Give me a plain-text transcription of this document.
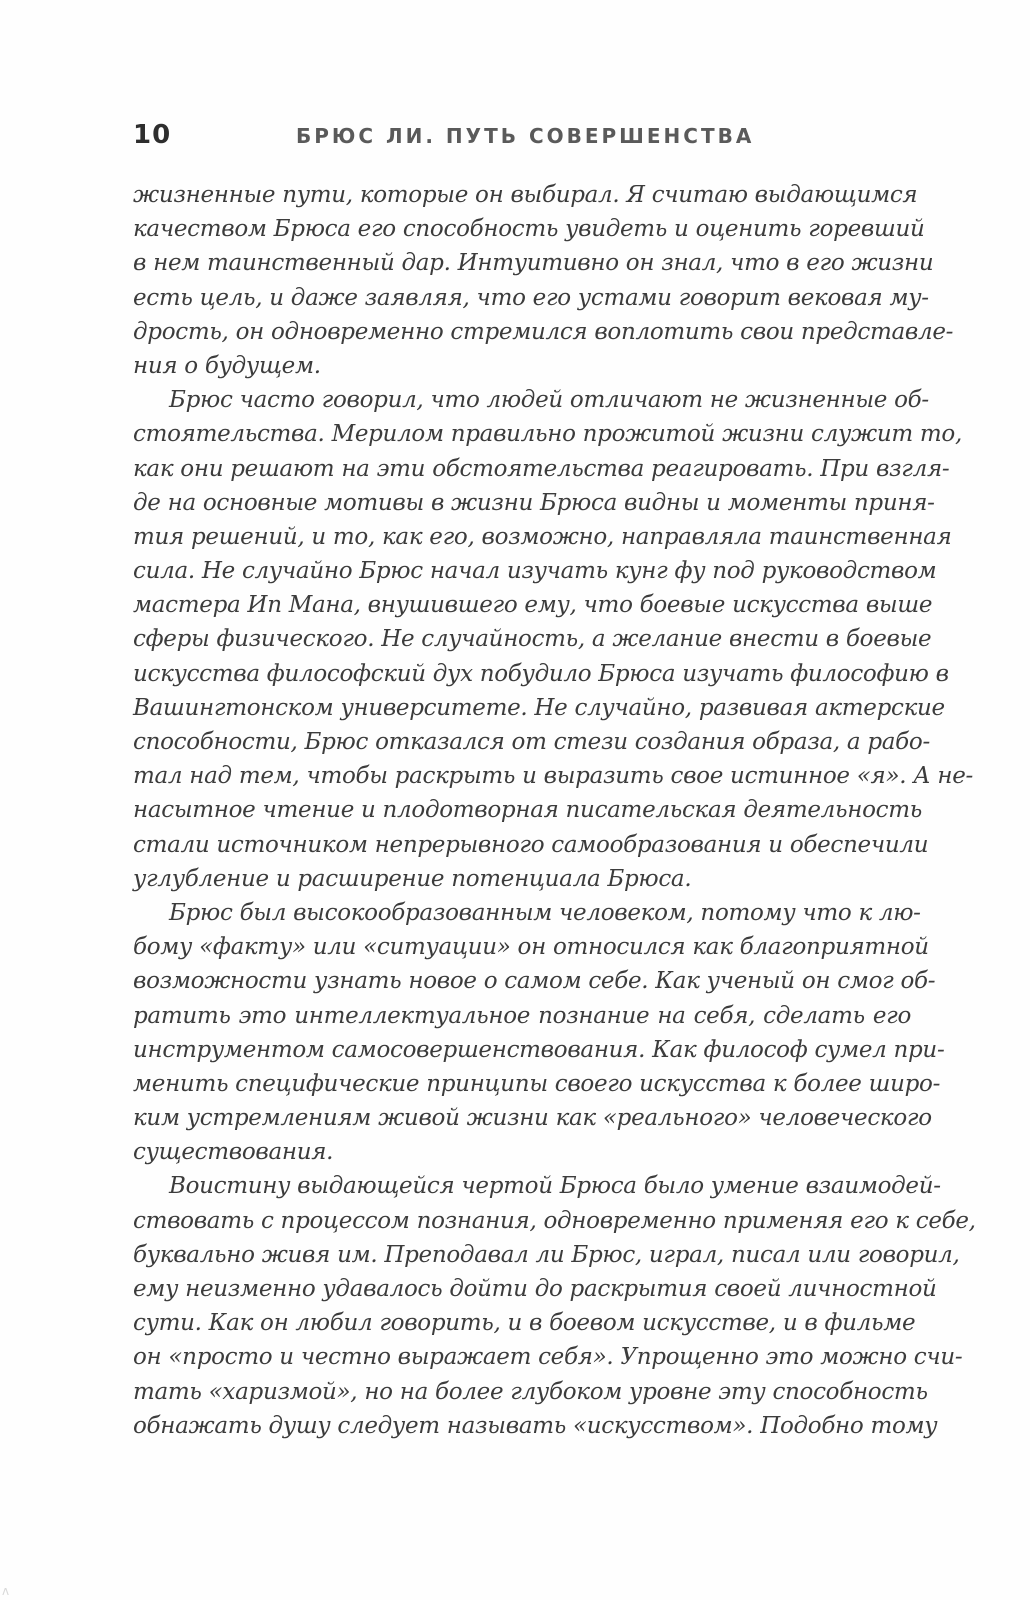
10	БРЮС ЛИ. ПУТЬ СОВЕРШЕНСТВА
жизненные пути, которые он выбирал. Я считаю выдающимся
качеством Брюса его способность увидеть и оценить горевший
в нем таинственный дар. Интуитивно он знал, что в его жизни
есть цель, и даже заявляя, что его устами говорит вековая му-
дрость, он одновременно стремился воплотить свои представле-
ния о будущем.
Брюс часто говорил, что людей отличают не жизненные об-
стоятельства. Мерилом правильно прожитой жизни служит то,
как они решают на эти обстоятельства реагировать. При взгля-
де на основные мотивы в жизни Брюса видны и моменты приня-
тия решений, и то, как его, возможно, направляла таинственная
сила. Не случайно Брюс начал изучать кунг фу под руководством
мастера Ип Мана, внушившего ему, что боевые искусства выше
сферы физического. Не случайность, а желание внести в боевые
искусства философский дух побудило Брюса изучать философию в
Вашингтонском университете. Не случайно, развивая актерские
способности, Брюс отказался от стези создания образа, а рабо-
тал над тем, чтобы раскрыть и выразить свое истинное «я». А не-
насытное чтение и плодотворная писательская деятельность
стали источником непрерывного самообразования и обеспечили
углубление и расширение потенциала Брюса.
Брюс был высокообразованным человеком, потому что к лю-
бому «факту» или «ситуации» он относился как благоприятной
возможности узнать новое о самом себе. Как ученый он смог об-
ратить это интеллектуальное познание на себя, сделать его
инструментом самосовершенствования. Как философ сумел при-
менить специфические принципы своего искусства к более широ-
ким устремлениям живой жизни как «реального» человеческого
существования.
Воистину выдающейся чертой Брюса было умение взаимодей-
ствовать с процессом познания, одновременно применяя его к себе,
буквально живя им. Преподавал ли Брюс, играл, писал или говорил,
ему неизменно удавалось дойти до раскрытия своей личностной
сути. Как он любил говорить, и в боевом искусстве, и в фильме
он «просто и честно выражает себя». Упрощенно это можно счи-
тать «харизмой», но на более глубоком уровне эту способность
обнажать душу следует называть «искусством». Подобно тому
ʌ
